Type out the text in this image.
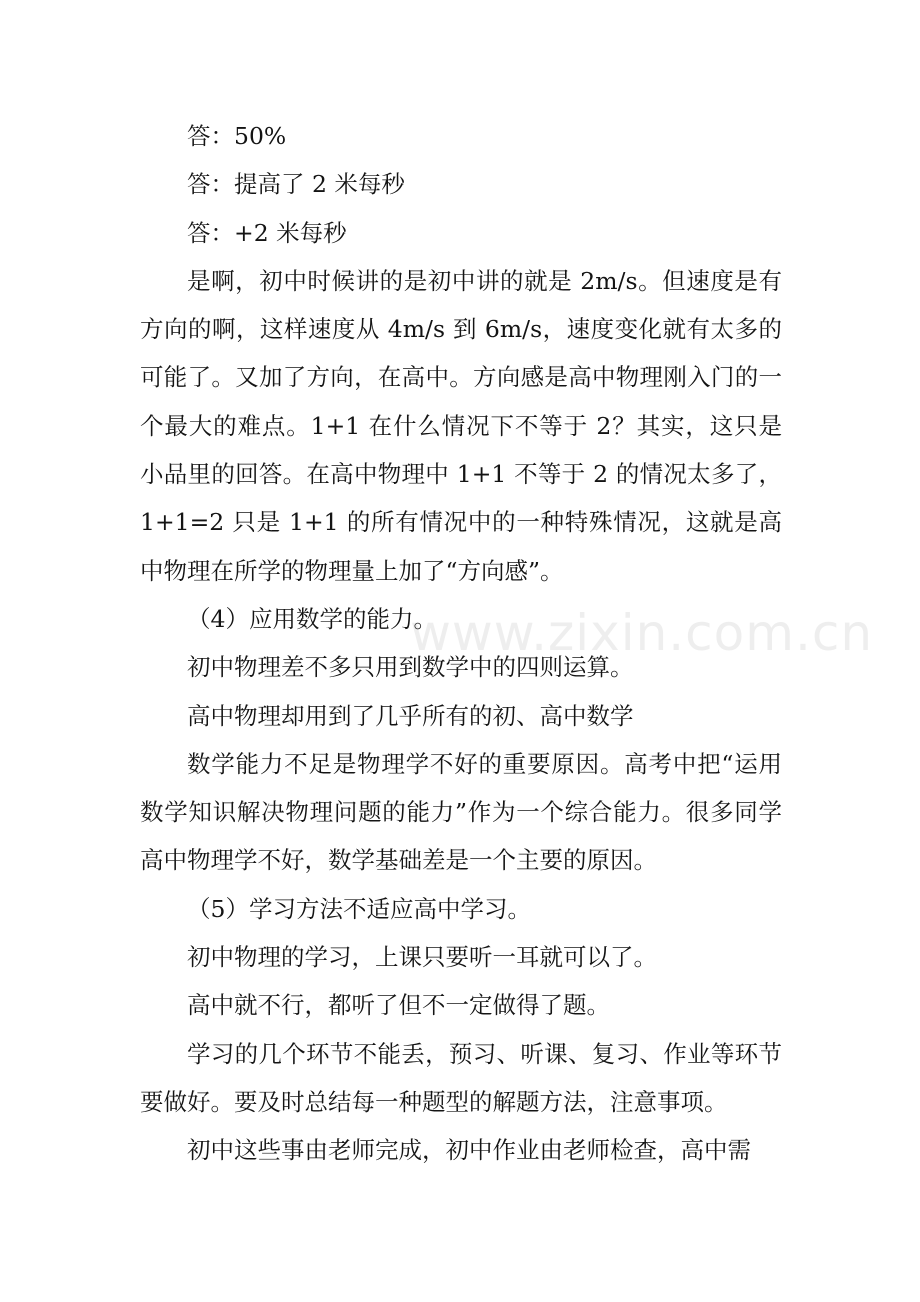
答：50%

答：提高了 2 米每秒

答：+2 米每秒

是啊，初中时候讲的是初中讲的就是 2m/s。但速度是有方向的啊，这样速度从 4m/s 到 6m/s，速度变化就有太多的可能了。又加了方向，在高中。方向感是高中物理刚入门的一个最大的难点。1+1 在什么情况下不等于 2？其实，这只是小品里的回答。在高中物理中 1+1 不等于 2 的情况太多了，1+1=2 只是 1+1 的所有情况中的一种特殊情况，这就是高中物理在所学的物理量上加了“方向感”。

（4）应用数学的能力。

初中物理差不多只用到数学中的四则运算。

高中物理却用到了几乎所有的初、高中数学

数学能力不足是物理学不好的重要原因。高考中把“运用数学知识解决物理问题的能力”作为一个综合能力。很多同学高中物理学不好，数学基础差是一个主要的原因。

（5）学习方法不适应高中学习。

初中物理的学习，上课只要听一耳就可以了。

高中就不行，都听了但不一定做得了题。

学习的几个环节不能丢，预习、听课、复习、作业等环节要做好。要及时总结每一种题型的解题方法，注意事项。

初中这些事由老师完成，初中作业由老师检查，高中需

www.zixin.com.cn
